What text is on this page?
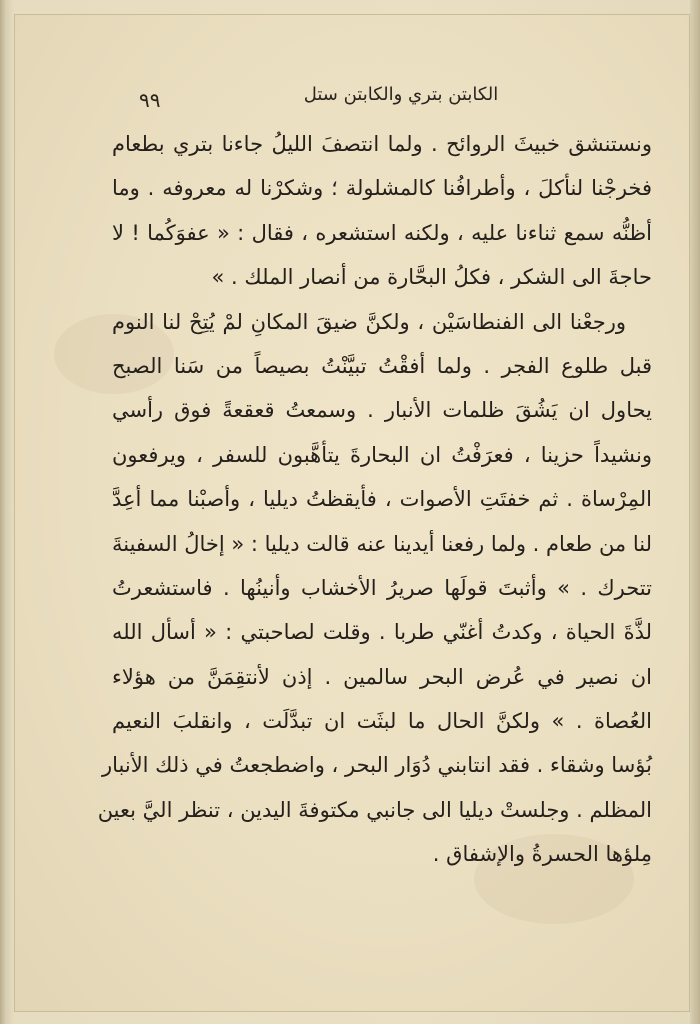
٩٩	الكابتن بتري والكابتن ستل
ونستنشق خبيثَ الروائح . ولما انتصفَ الليلُ جاءنا بتري بطعام
فخرجْنا لنأكلَ ، وأطرافُنا كالمشلولة ؛ وشكرْنا له معروفه . وما
أظنُّه سمع ثناءنا عليه ، ولكنه استشعره ، فقال : « عفوَكُما ! لا
حاجةَ الى الشكر ، فكلُ البحَّارة من أنصار الملك . »
ورجعْنا الى الفنطاسَيْن ، ولكنَّ ضيقَ المكانِ لمْ يُتِحْ لنا النوم
قبل طلوع الفجر . ولما أفقْتُ تبيَّنْتُ بصيصاً من سَنا الصبح
يحاول ان يَشُقَ ظلمات الأنبار . وسمعتُ قعقعةً فوق رأسي
ونشيداً حزينا ، فعرَفْتُ ان البحارةَ يتأهَّبون للسفر ، ويرفعون
المِرْساة . ثم خفتَتِ الأصوات ، فأيقظتُ ديليا ، وأصبْنا مما أعِدَّ
لنا من طعام . ولما رفعنا أيدينا عنه قالت ديليا : « إخالُ السفينةَ
تتحرك . » وأثبتَ قولَها صريرُ الأخشاب وأنينُها . فاستشعرتُ
لذَّةَ الحياة ، وكدتُ أغنّي طربا . وقلت لصاحبتي : « أسأل الله
ان نصير في عُرض البحر سالمين . إذن لأنتقِمَنَّ من هؤلاء
العُصاة . » ولكنَّ الحال ما لبثَت ان تبدَّلَت ، وانقلبَ النعيم
بُؤسا وشقاء . فقد انتابني دُوَار البحر ، واضطجعتُ في ذلك الأنبار
المظلم . وجلستْ ديليا الى جانبي مكتوفةَ اليدين ، تنظر اليَّ بعين
مِلؤها الحسرةُ والإشفاق .
